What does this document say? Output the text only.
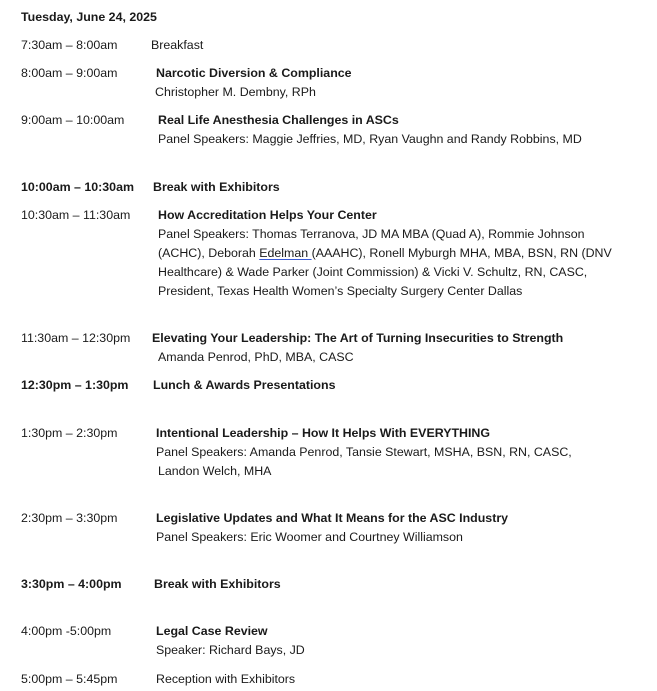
Tuesday, June 24, 2025
7:30am – 8:00am	Breakfast
8:00am – 9:00am	Narcotic Diversion & Compliance
Christopher M. Dembny, RPh
9:00am – 10:00am	Real Life Anesthesia Challenges in ASCs
Panel Speakers: Maggie Jeffries, MD, Ryan Vaughn and Randy Robbins, MD
10:00am – 10:30am Break with Exhibitors
10:30am – 11:30am How Accreditation Helps Your Center
Panel Speakers: Thomas Terranova, JD MA MBA (Quad A), Rommie Johnson
(ACHC), Deborah Edelman (AAAHC), Ronell Myburgh MHA, MBA, BSN, RN (DNV
Healthcare) & Wade Parker (Joint Commission) & Vicki V. Schultz, RN, CASC,
President, Texas Health Women’s Specialty Surgery Center Dallas
11:30am – 12:30pm Elevating Your Leadership: The Art of Turning Insecurities to Strength
Amanda Penrod, PhD, MBA, CASC
12:30pm – 1:30pm Lunch & Awards Presentations
1:30pm – 2:30pm	Intentional Leadership – How It Helps With EVERYTHING
Panel Speakers: Amanda Penrod, Tansie Stewart, MSHA, BSN, RN, CASC,
Landon Welch, MHA
2:30pm – 3:30pm	Legislative Updates and What It Means for the ASC Industry
Panel Speakers: Eric Woomer and Courtney Williamson
3:30pm – 4:00pm	Break with Exhibitors
4:00pm -5:00pm	Legal Case Review
Speaker: Richard Bays, JD
5:00pm – 5:45pm	Reception with Exhibitors
